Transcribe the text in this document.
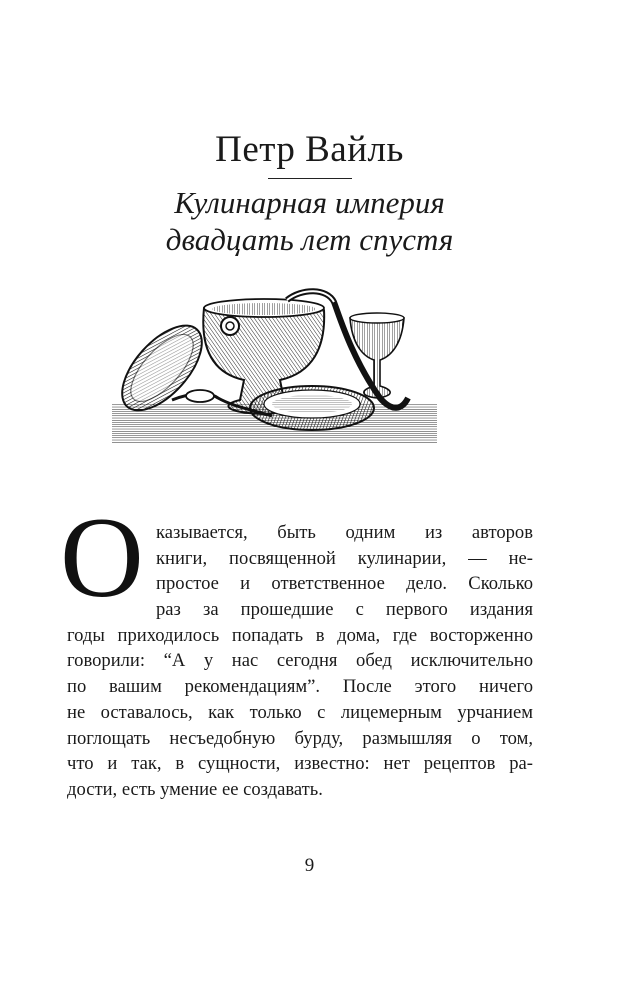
Петр Вайль
Кулинарная империя
двадцать лет спустя
О казывается, быть одним из авторов
книги, посвященной кулинарии, — не-
простое и ответственное дело. Сколько
раз за прошедшие с первого издания
годы приходилось попадать в дома, где восторженно
говорили: “А у нас сегодня обед исключительно
по вашим рекомендациям”. После этого ничего
не оставалось, как только с лицемерным урчанием
поглощать несъедобную бурду, размышляя о том,
что и так, в сущности, известно: нет рецептов ра-
дости, есть умение ее создавать.
9
